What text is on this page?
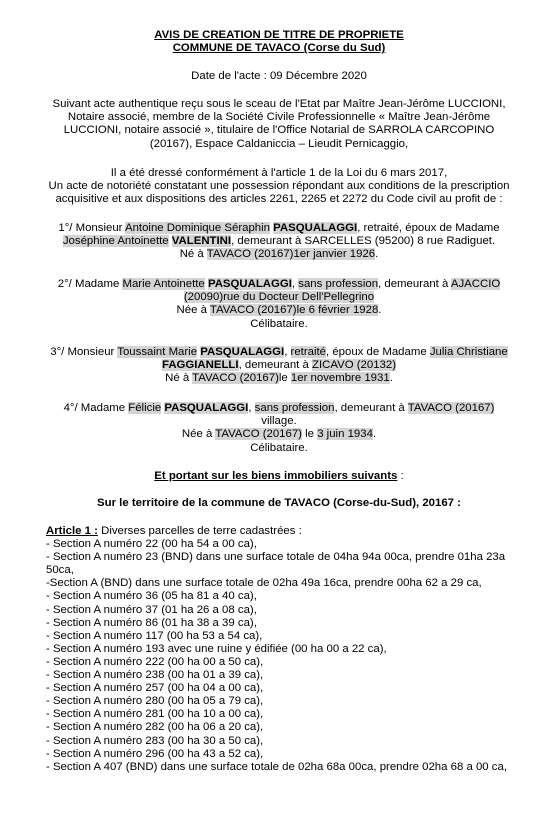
AVIS DE CREATION DE TITRE DE PROPRIETE
COMMUNE DE TAVACO (Corse du Sud)
Date de l'acte : 09 Décembre 2020
Suivant acte authentique reçu sous le sceau de l'Etat par Maître Jean-Jérôme LUCCIONI, Notaire associé, membre de la Société Civile Professionnelle « Maître Jean-Jérôme LUCCIONI, notaire associé », titulaire de l'Office Notarial de SARROLA CARCOPINO (20167), Espace Caldaniccia – Lieudit Pernicaggio,
Il a été dressé conformément à l'article 1 de la Loi du 6 mars 2017,
Un acte de notoriété constatant une possession répondant aux conditions de la prescription acquisitive et aux dispositions des articles 2261, 2265 et 2272 du Code civil au profit de :
1°/ Monsieur Antoine Dominique Séraphin PASQUALAGGI, retraité, époux de Madame
Joséphine Antoinette VALENTINI, demeurant à SARCELLES (95200) 8 rue Radiguet.
Né à TAVACO (20167)1er janvier 1926.
2°/ Madame Marie Antoinette PASQUALAGGI, sans profession, demeurant à AJACCIO
(20090)rue du Docteur Dell'Pellegrino
Née à TAVACO (20167)le 6 février 1928.
Célibataire.
3°/ Monsieur Toussaint Marie PASQUALAGGI, retraité, époux de Madame Julia Christiane
FAGGIANELLI, demeurant à ZICAVO (20132)
Né à TAVACO (20167)le 1er novembre 1931.
4°/ Madame Félicie PASQUALAGGI, sans profession, demeurant à TAVACO (20167)
village.
Née à TAVACO (20167) le 3 juin 1934.
Célibataire.
Et portant sur les biens immobiliers suivants :
Sur le territoire de la commune de TAVACO (Corse-du-Sud), 20167 :
Article 1 : Diverses parcelles de terre cadastrées :
- Section A numéro 22 (00 ha 54 a 00 ca),
- Section A numéro 23 (BND) dans une surface totale de 04ha 94a 00ca, prendre 01ha 23a
50ca,
-Section A (BND) dans une surface totale de 02ha 49a 16ca, prendre 00ha 62 a 29 ca,
- Section A numéro 36 (05 ha 81 a 40 ca),
- Section A numéro 37 (01 ha 26 a 08 ca),
- Section A numéro 86 (01 ha 38 a 39 ca),
- Section A numéro 117 (00 ha 53 a 54 ca),
- Section A numéro 193 avec une ruine y édifiée (00 ha 00 a 22 ca),
- Section A numéro 222 (00 ha 00 a 50 ca),
- Section A numéro 238 (00 ha 01 a 39 ca),
- Section A numéro 257 (00 ha 04 a 00 ca),
- Section A numéro 280 (00 ha 05 a 79 ca),
- Section A numéro 281 (00 ha 10 a 00 ca),
- Section A numéro 282 (00 ha 06 a 20 ca),
- Section A numéro 283 (00 ha 30 a 50 ca),
- Section A numéro 296 (00 ha 43 a 52 ca),
- Section A 407 (BND) dans une surface totale de 02ha 68a 00ca, prendre 02ha 68 a 00 ca,
